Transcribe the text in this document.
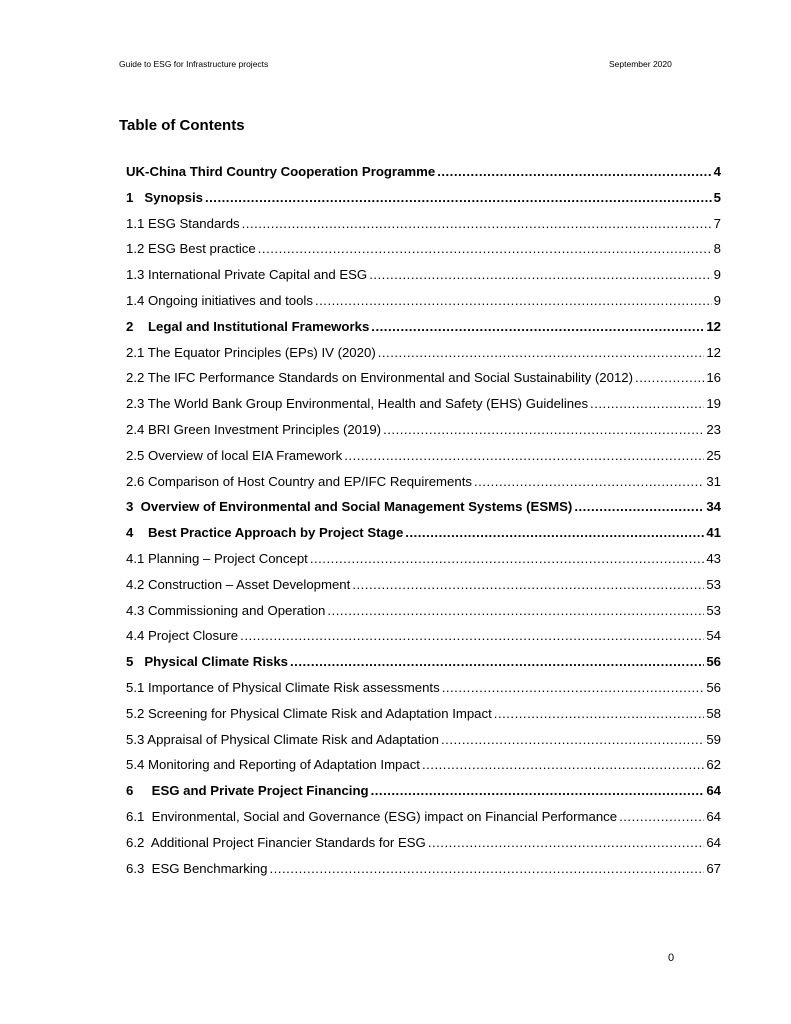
Guide to ESG for Infrastructure projects	September 2020
Table of Contents
UK-China Third Country Cooperation Programme .....	4
1   Synopsis .....	5
1.1 ESG Standards .....	7
1.2 ESG Best practice .....	8
1.3 International Private Capital and ESG .....	9
1.4 Ongoing initiatives and tools .....	9
2    Legal and Institutional Frameworks .....	12
2.1 The Equator Principles (EPs) IV (2020) .....	12
2.2 The IFC Performance Standards on Environmental and Social Sustainability (2012) .....	16
2.3 The World Bank Group Environmental, Health and Safety (EHS) Guidelines .....	19
2.4 BRI Green Investment Principles (2019) .....	23
2.5 Overview of local EIA Framework .....	25
2.6 Comparison of Host Country and EP/IFC Requirements .....	31
3  Overview of Environmental and Social Management Systems (ESMS) .....	34
4    Best Practice Approach by Project Stage .....	41
4.1 Planning – Project Concept .....	43
4.2 Construction – Asset Development .....	53
4.3 Commissioning and Operation .....	53
4.4 Project Closure .....	54
5   Physical Climate Risks .....	56
5.1 Importance of Physical Climate Risk assessments .....	56
5.2 Screening for Physical Climate Risk and Adaptation Impact .....	58
5.3 Appraisal of Physical Climate Risk and Adaptation .....	59
5.4 Monitoring and Reporting of Adaptation Impact .....	62
6     ESG and Private Project Financing .....	64
6.1  Environmental, Social and Governance (ESG) impact on Financial Performance .....	64
6.2  Additional Project Financier Standards for ESG .....	64
6.3  ESG Benchmarking .....	67
0
